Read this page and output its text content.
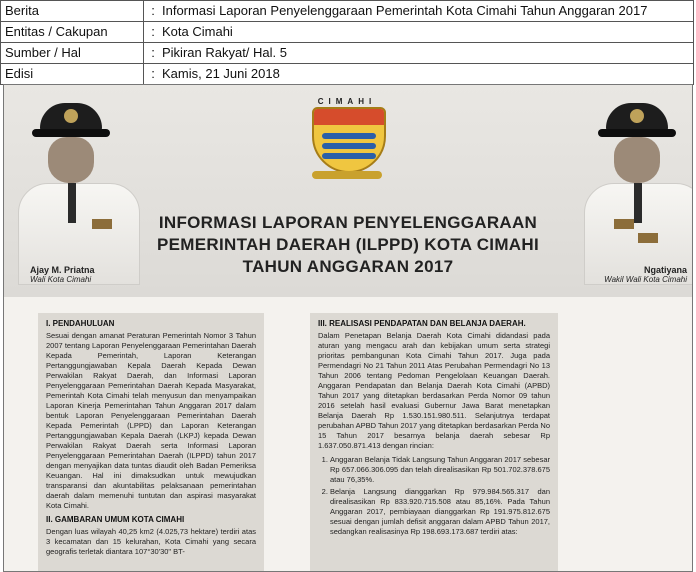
Berita	:	Informasi Laporan Penyelenggaraan Pemerintah Kota Cimahi Tahun Anggaran 2017
Entitas / Cakupan	:	Kota Cimahi
Sumber / Hal	:	Pikiran Rakyat/ Hal. 5
Edisi	:	Kamis, 21 Juni 2018
Ajay M. Priatna
Wali Kota Cimahi
Ngatiyana
Wakil Wali Kota Cimahi
CIMAHI
INFORMASI LAPORAN PENYELENGGARAAN
PEMERINTAH DAERAH (ILPPD) KOTA CIMAHI
TAHUN ANGGARAN 2017
I. PENDAHULUAN

Sesuai dengan amanat Peraturan Pemerintah Nomor 3 Tahun 2007 tentang Laporan Penyelenggaraan Pemerintahan Daerah Kepada Pemerintah, Laporan Keterangan Pertanggungjawaban Kepala Daerah Kepada Dewan Perwakilan Rakyat Daerah, dan Informasi Laporan Penyelenggaraan Pemerintahan Daerah Kepada Masyarakat, Pemerintah Kota Cimahi telah menyusun dan menyampaikan Laporan Kinerja Pemerintahan Tahun Anggaran 2017 dalam bentuk Laporan Penyelenggaraan Pemerintahan Daerah Kepada Pemerintah (LPPD) dan Laporan Keterangan Pertanggungjawaban Kepala Daerah (LKPJ) kepada Dewan Perwakilan Rakyat Daerah serta Informasi Laporan Penyelenggaraan Pemerintahan Daerah (ILPPD) tahun 2017 dengan menyajikan data tuntas diaudit oleh Badan Pemeriksa Keuangan. Hal ini dimaksudkan untuk mewujudkan transparansi dan akuntabilitas pelaksanaan pemerintahan daerah dalam memenuhi tuntutan dan aspirasi masyarakat Kota Cimahi.

II. GAMBARAN UMUM KOTA CIMAHI

Dengan luas wilayah 40,25 km2 (4.025,73 hektare) terdiri atas 3 kecamatan dan 15 kelurahan, Kota Cimahi yang secara geografis terletak diantara 107°30'30" BT-

III. REALISASI PENDAPATAN DAN BELANJA DAERAH.

Dalam Penetapan Belanja Daerah Kota Cimahi didandasi pada aturan yang mengacu arah dan kebijakan umum serta strategi prioritas pembangunan Kota Cimahi Tahun 2017. Juga pada Permendagri No 21 Tahun 2011 Atas Perubahan Permendagri No 13 Tahun 2006 tentang Pedoman Pengelolaan Keuangan Daerah. Anggaran Pendapatan dan Belanja Daerah Kota Cimahi (APBD) Tahun 2017 yang ditetapkan berdasarkan Perda Nomor 09 tahun 2016 setelah hasil evaluasi Gubernur Jawa Barat menetapkan Belanja Daerah Rp 1.530.151.980.511. Selanjutnya terdapat perubahan APBD Tahun 2017 yang ditetapkan berdasarkan Perda No 15 Tahun 2017 besarnya belanja daerah sebesar Rp 1.637.050.871.413 dengan rincian:

1. Anggaran Belanja Tidak Langsung Tahun Anggaran 2017 sebesar Rp 657.066.306.095 dan telah direalisasikan Rp 501.702.378.675 atau 76,35%.
2. Belanja Langsung dianggarkan Rp 979.984.565.317 dan direalisasikan Rp 833.920.715.508 atau 85,16%. Pada Tahun Anggaran 2017, pembiayaan dianggarkan Rp 191.975.812.675 sesuai dengan jumlah defisit anggaran dalam APBD Tahun 2017, sedangkan realisasinya Rp 198.693.173.687 terdiri atas:
